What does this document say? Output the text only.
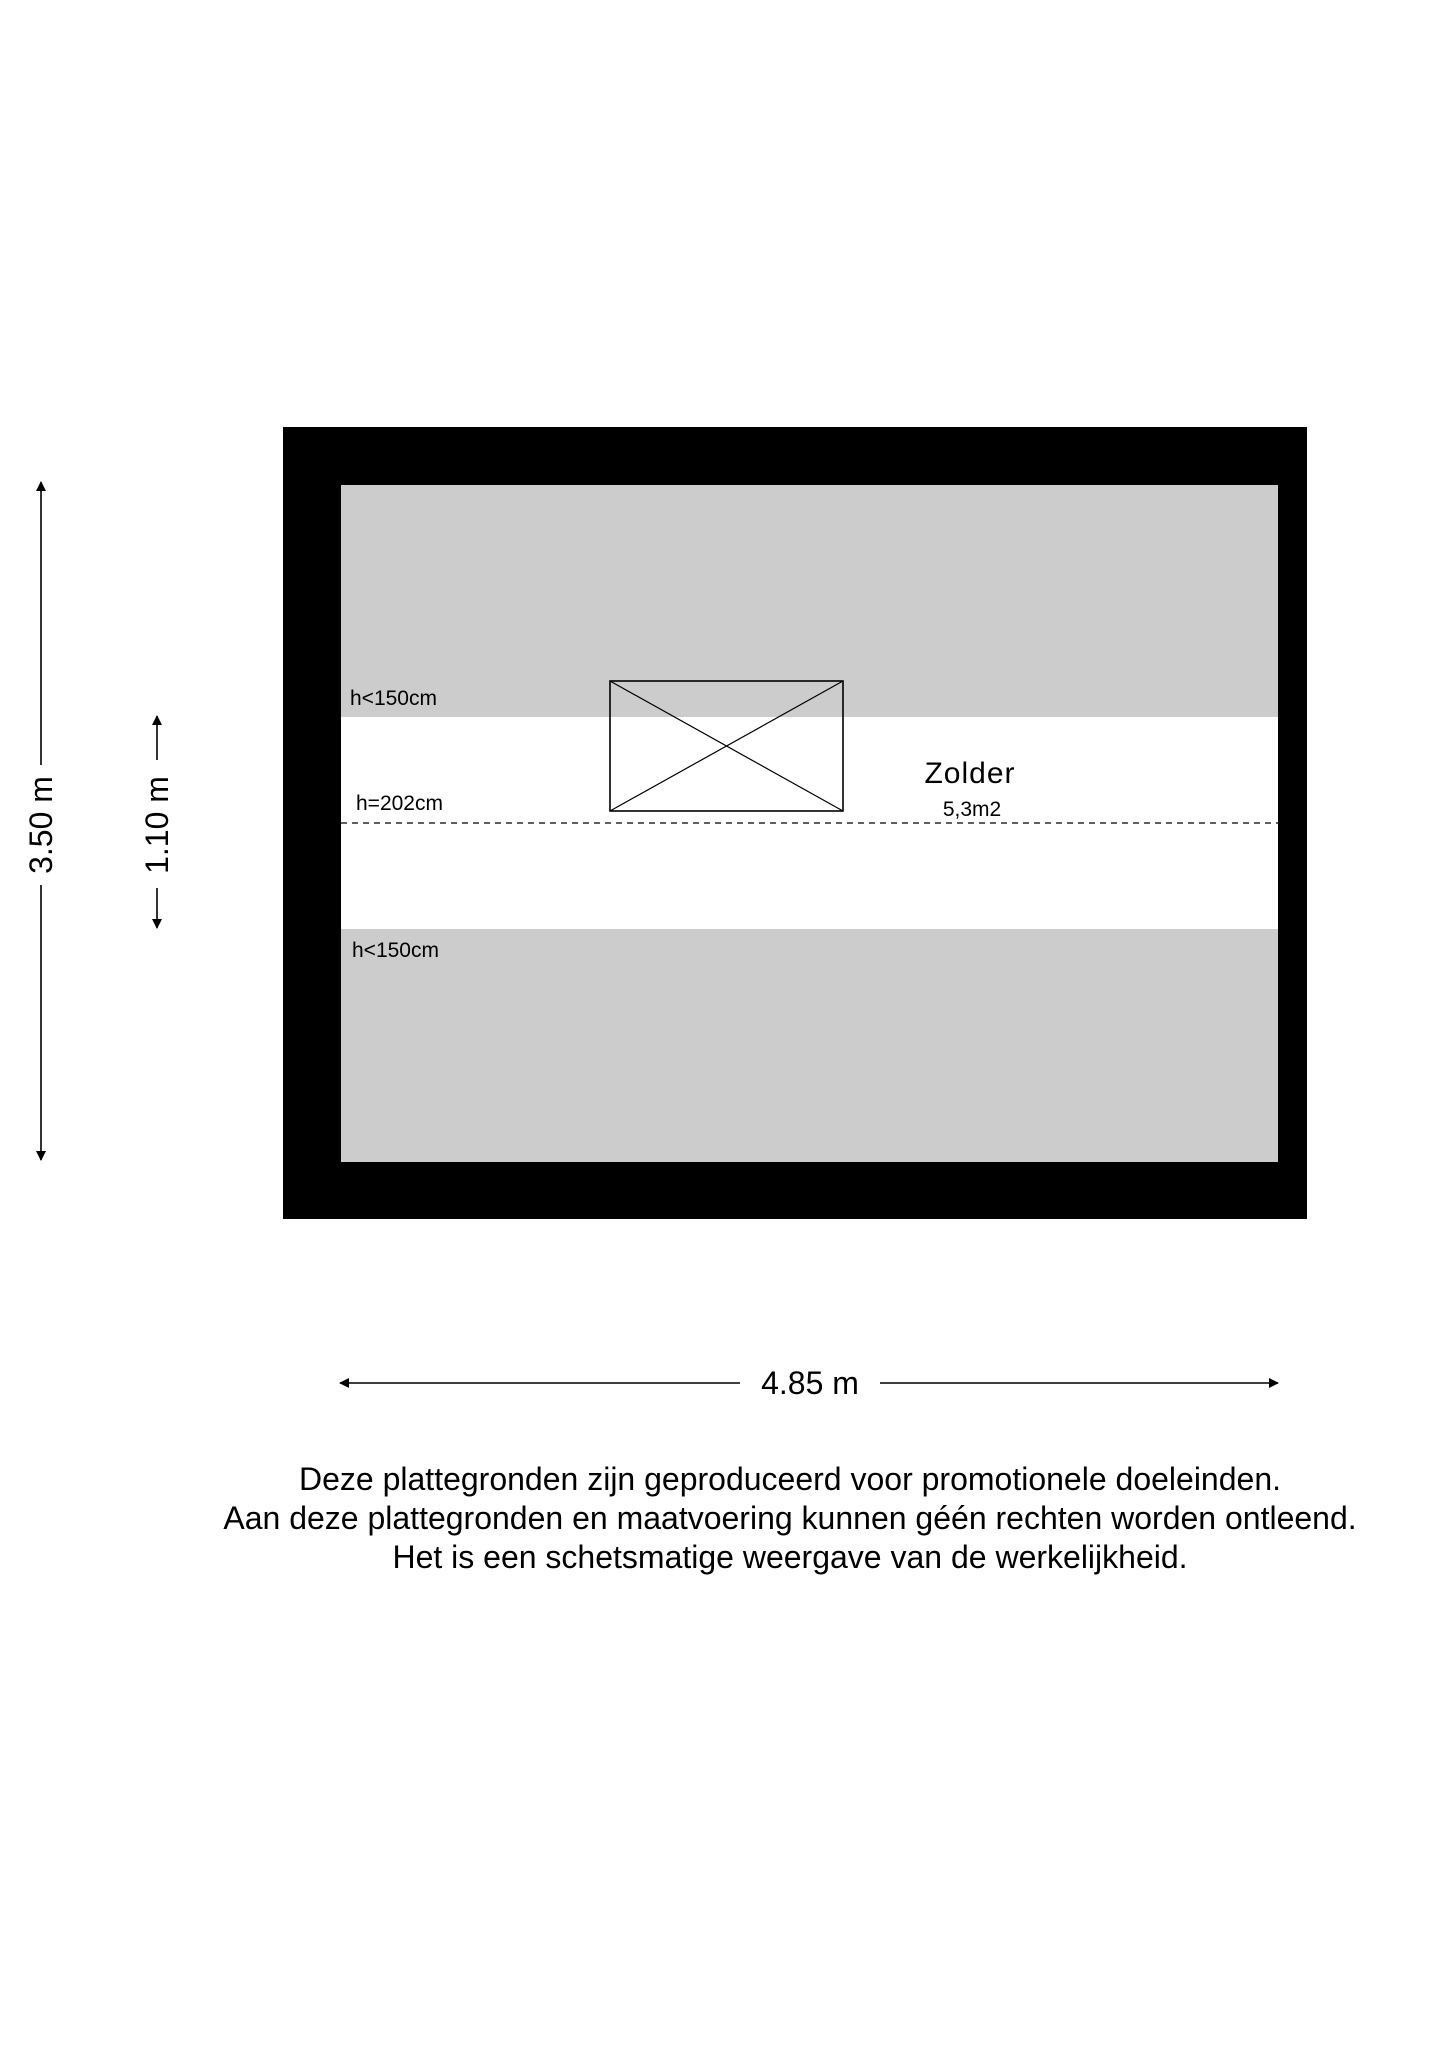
h<150cm
h=202cm
h<150cm
Zolder
5,3m2
3.50 m	1.10 m
4.85 m
Deze plattegronden zijn geproduceerd voor promotionele doeleinden.
Aan deze plattegronden en maatvoering kunnen géén rechten worden ontleend.
Het is een schetsmatige weergave van de werkelijkheid.
